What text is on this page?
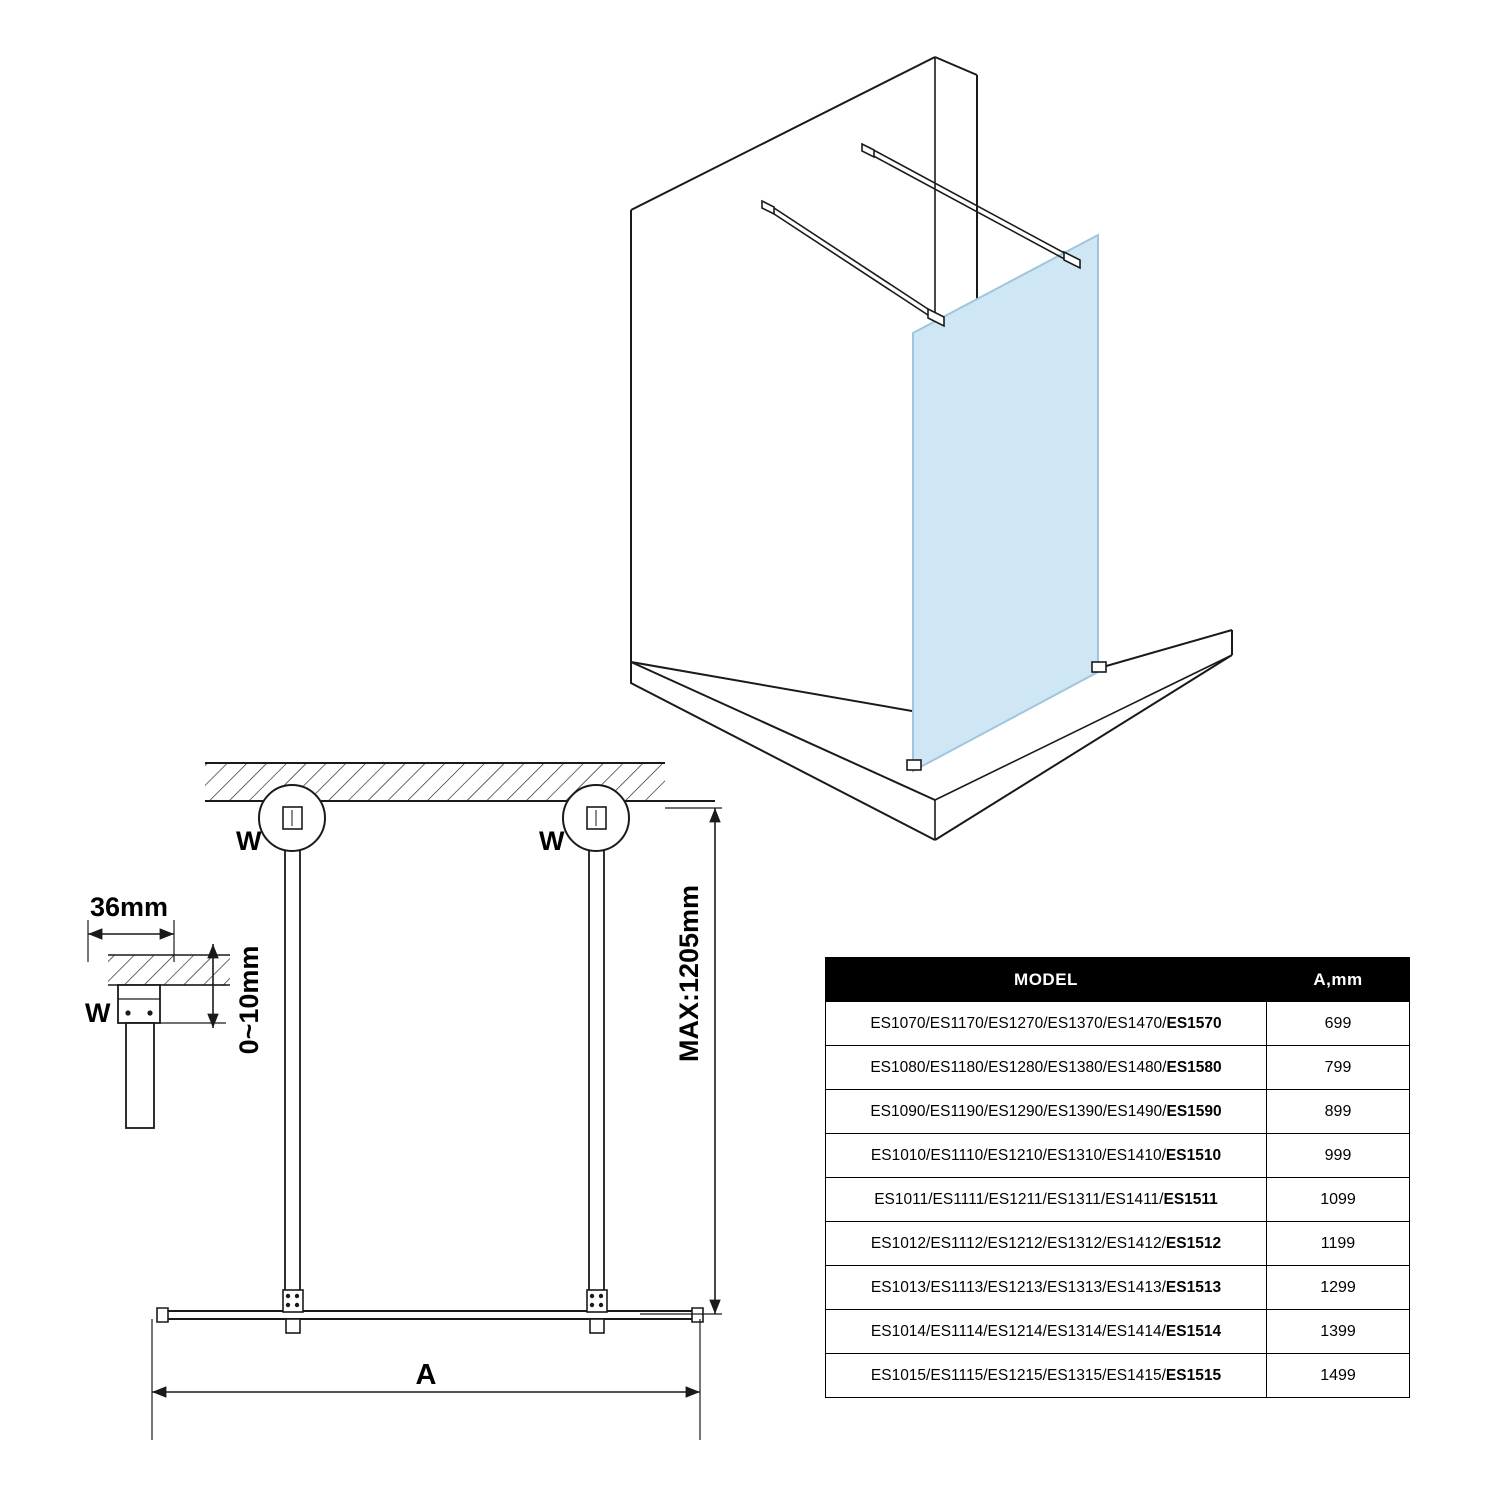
36mm
0~10mm
W
W	W
MAX:1205mm
A
MODEL	A,mm
ES1070/ES1170/ES1270/ES1370/ES1470/ES1570	699
ES1080/ES1180/ES1280/ES1380/ES1480/ES1580	799
ES1090/ES1190/ES1290/ES1390/ES1490/ES1590	899
ES1010/ES1110/ES1210/ES1310/ES1410/ES1510	999
ES1011/ES1111/ES1211/ES1311/ES1411/ES1511	1099
ES1012/ES1112/ES1212/ES1312/ES1412/ES1512	1199
ES1013/ES1113/ES1213/ES1313/ES1413/ES1513	1299
ES1014/ES1114/ES1214/ES1314/ES1414/ES1514	1399
ES1015/ES1115/ES1215/ES1315/ES1415/ES1515	1499
